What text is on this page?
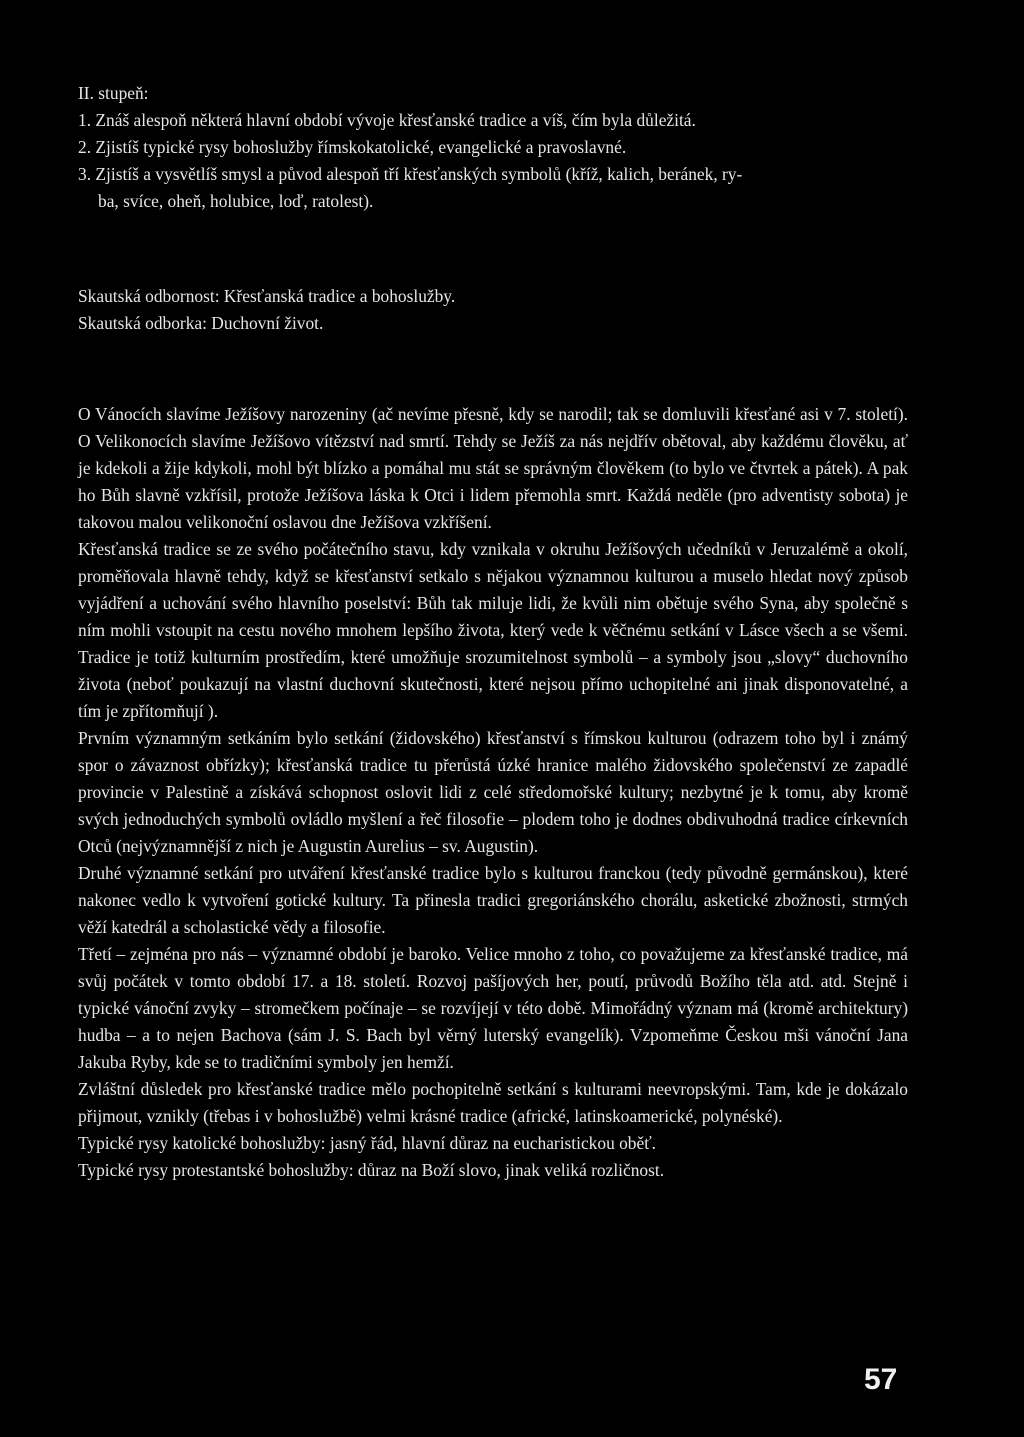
II. stupeň:

1. Znáš alespoň některá hlavní období vývoje křesťanské tradice a víš, čím byla důležitá.
2. Zjistíš typické rysy bohoslužby římskokatolické, evangelické a pravoslavné.
3. Zjistíš a vysvětlíš smysl a původ alespoň tří křesťanských symbolů (kříž, kalich, beránek, ry-
ba, svíce, oheň, holubice, loď, ratolest).

Skautská odbornost: Křesťanská tradice a bohoslužby.

Skautská odborka: Duchovní život.

O Vánocích slavíme Ježíšovy narozeniny (ač nevíme přesně, kdy se narodil; tak se domluvili křesťané asi v 7. století). O Velikonocích slavíme Ježíšovo vítězství nad smrtí. Tehdy se Ježíš za nás nejdřív obětoval, aby každému člověku, ať je kdekoli a žije kdykoli, mohl být blízko a pomáhal mu stát se správným člověkem (to bylo ve čtvrtek a pátek). A pak ho Bůh slavně vzkřísil, protože Ježíšova láska k Otci i lidem přemohla smrt. Každá neděle (pro adventisty sobota) je takovou malou velikonoční oslavou dne Ježíšova vzkříšení.

Křesťanská tradice se ze svého počátečního stavu, kdy vznikala v okruhu Ježíšových učedníků v Jeruzalémě a okolí, proměňovala hlavně tehdy, když se křesťanství setkalo s nějakou významnou kulturou a muselo hledat nový způsob vyjádření a uchování svého hlavního poselství: Bůh tak miluje lidi, že kvůli nim obětuje svého Syna, aby společně s ním mohli vstoupit na cestu nového mnohem lepšího života, který vede k věčnému setkání v Lásce všech a se všemi. Tradice je totiž kulturním prostředím, které umožňuje srozumitelnost symbolů – a symboly jsou „slovy“ duchovního života (neboť poukazují na vlastní duchovní skutečnosti, které nejsou přímo uchopitelné ani jinak disponovatelné, a tím je zpřítomňují ).

Prvním významným setkáním bylo setkání (židovského) křesťanství s římskou kulturou (odrazem toho byl i známý spor o závaznost obřízky); křesťanská tradice tu přerůstá úzké hranice malého židovského společenství ze zapadlé provincie v Palestině a získává schopnost oslovit lidi z celé středomořské kultury; nezbytné je k tomu, aby kromě svých jednoduchých symbolů ovládlo myšlení a řeč filosofie – plodem toho je dodnes obdivuhodná tradice církevních Otců (nejvýznamnější z nich je Augustin Aurelius – sv. Augustin).

Druhé významné setkání pro utváření křesťanské tradice bylo s kulturou franckou (tedy původně germánskou), které nakonec vedlo k vytvoření gotické kultury. Ta přinesla tradici gregoriánského chorálu, asketické zbožnosti, strmých věží katedrál a scholastické vědy a filosofie.

Třetí – zejména pro nás – významné období je baroko. Velice mnoho z toho, co považujeme za křesťanské tradice, má svůj počátek v tomto období 17. a 18. století. Rozvoj pašíjových her, poutí, průvodů Božího těla atd. atd. Stejně i typické vánoční zvyky – stromečkem počínaje – se rozvíjejí v této době. Mimořádný význam má (kromě architektury) hudba – a to nejen Bachova (sám J. S. Bach byl věrný luterský evangelík). Vzpomeňme Českou mši vánoční Jana Jakuba Ryby, kde se to tradičními symboly jen hemží.

Zvláštní důsledek pro křesťanské tradice mělo pochopitelně setkání s kulturami neevropskými. Tam, kde je dokázalo přijmout, vznikly (třebas i v bohoslužbě) velmi krásné tradice (africké, latinskoamerické, polynéské).

Typické rysy katolické bohoslužby: jasný řád, hlavní důraz na eucharistickou oběť.

Typické rysy protestantské bohoslužby: důraz na Boží slovo, jinak veliká rozličnost.

57
